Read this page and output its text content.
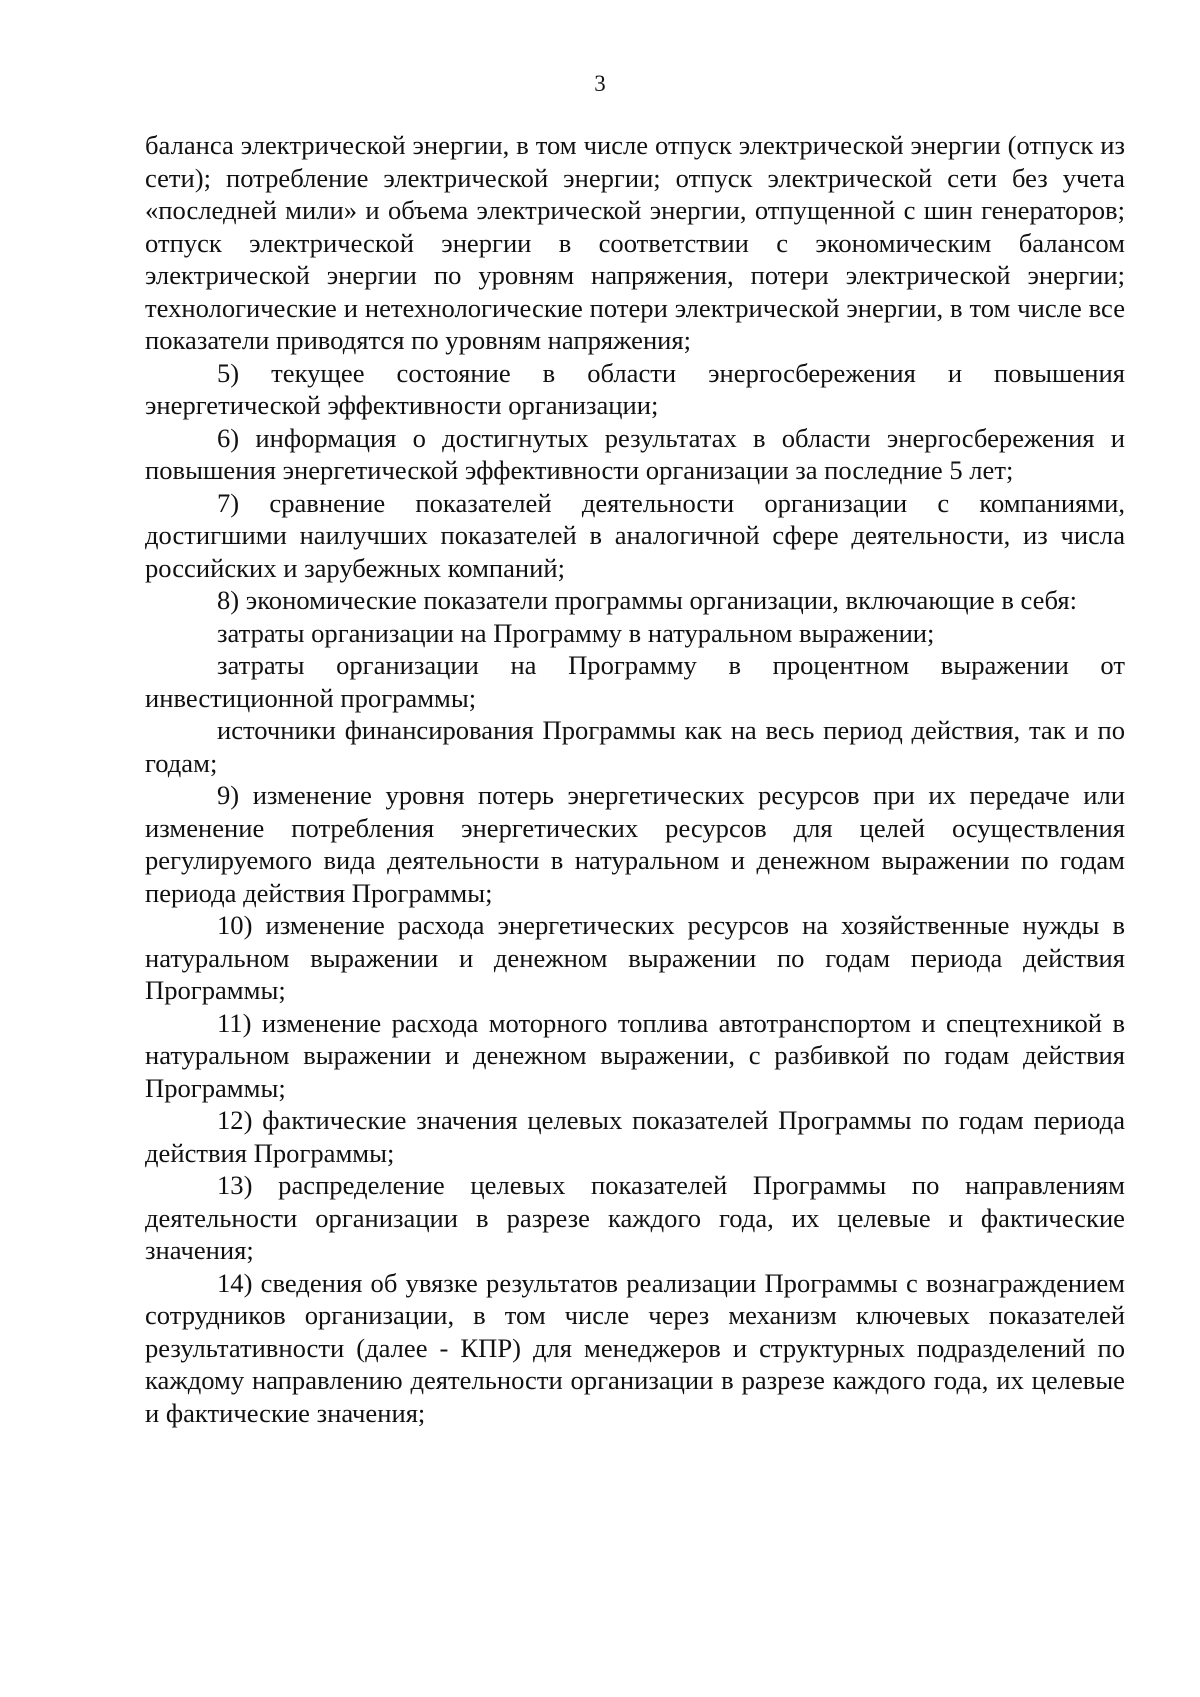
3

баланса электрической энергии, в том числе отпуск электрической энергии (отпуск из сети); потребление электрической энергии; отпуск электрической сети без учета «последней мили» и объема электрической энергии, отпущенной с шин генераторов; отпуск электрической энергии в соответствии с экономическим балансом электрической энергии по уровням напряжения, потери электрической энергии; технологические и нетехнологические потери электрической энергии, в том числе все показатели приводятся по уровням напряжения;

5) текущее состояние в области энергосбережения и повышения энергетической эффективности организации;

6) информация о достигнутых результатах в области энергосбережения и повышения энергетической эффективности организации за последние 5 лет;

7) сравнение показателей деятельности организации с компаниями, достигшими наилучших показателей в аналогичной сфере деятельности, из числа российских и зарубежных компаний;

8) экономические показатели программы организации, включающие в себя:

затраты организации на Программу в натуральном выражении;

затраты организации на Программу в процентном выражении от инвестиционной программы;

источники финансирования Программы как на весь период действия, так и по годам;

9) изменение уровня потерь энергетических ресурсов при их передаче или изменение потребления энергетических ресурсов для целей осуществления регулируемого вида деятельности в натуральном и денежном выражении по годам периода действия Программы;

10) изменение расхода энергетических ресурсов на хозяйственные нужды в натуральном выражении и денежном выражении по годам периода действия Программы;

11) изменение расхода моторного топлива автотранспортом и спецтехникой в натуральном выражении и денежном выражении, с разбивкой по годам действия Программы;

12) фактические значения целевых показателей Программы по годам периода действия Программы;

13) распределение целевых показателей Программы по направлениям деятельности организации в разрезе каждого года, их целевые и фактические значения;

14) сведения об увязке результатов реализации Программы с вознаграждением сотрудников организации, в том числе через механизм ключевых показателей результативности (далее - КПР) для менеджеров и структурных подразделений по каждому направлению деятельности организации в разрезе каждого года, их целевые и фактические значения;
